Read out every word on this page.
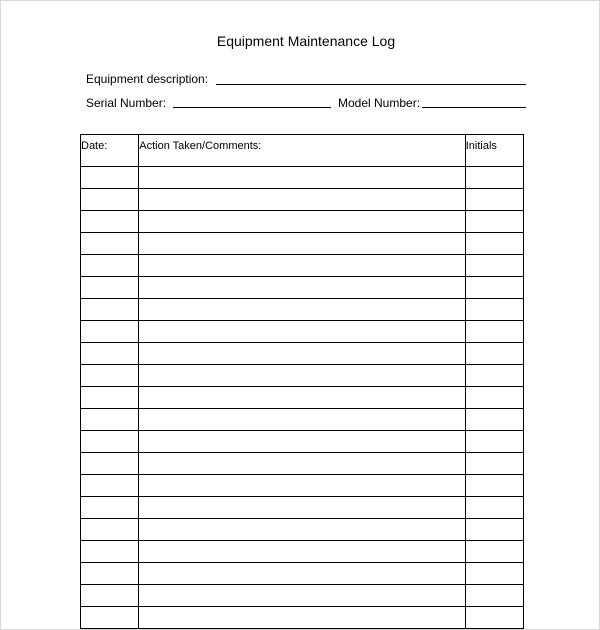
Equipment Maintenance Log
Equipment description:
Serial Number:	Model Number:
Date:	Action Taken/Comments:	Initials
